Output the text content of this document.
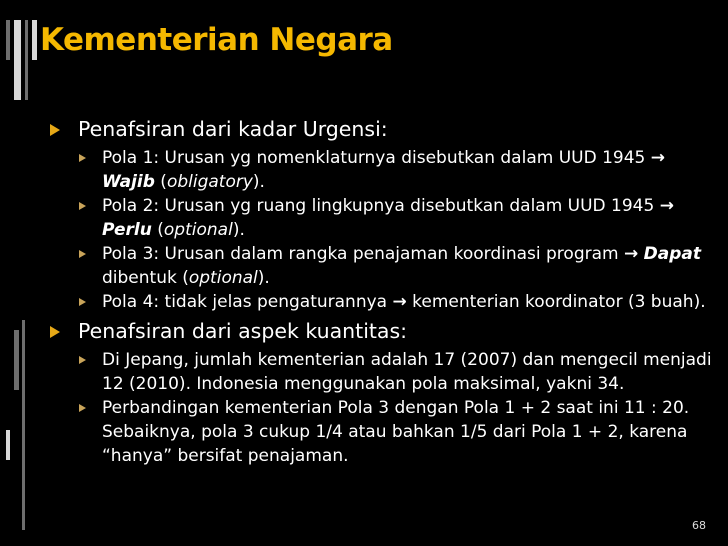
Kementerian Negara
Penafsiran dari kadar Urgensi:
Pola 1: Urusan yg nomenklaturnya disebutkan dalam UUD 1945 → Wajib (obligatory).
Pola 2: Urusan yg ruang lingkupnya disebutkan dalam UUD 1945 → Perlu (optional).
Pola 3: Urusan dalam rangka penajaman koordinasi program → Dapat dibentuk (optional).
Pola 4: tidak jelas pengaturannya → kementerian koordinator (3 buah).
Penafsiran dari aspek kuantitas:
Di Jepang, jumlah kementerian adalah 17 (2007) dan mengecil menjadi 12 (2010). Indonesia menggunakan pola maksimal, yakni 34.
Perbandingan kementerian Pola 3 dengan Pola 1 + 2 saat ini 11 : 20. Sebaiknya, pola 3 cukup 1/4 atau bahkan 1/5 dari Pola 1 + 2, karena “hanya” bersifat penajaman.
68
